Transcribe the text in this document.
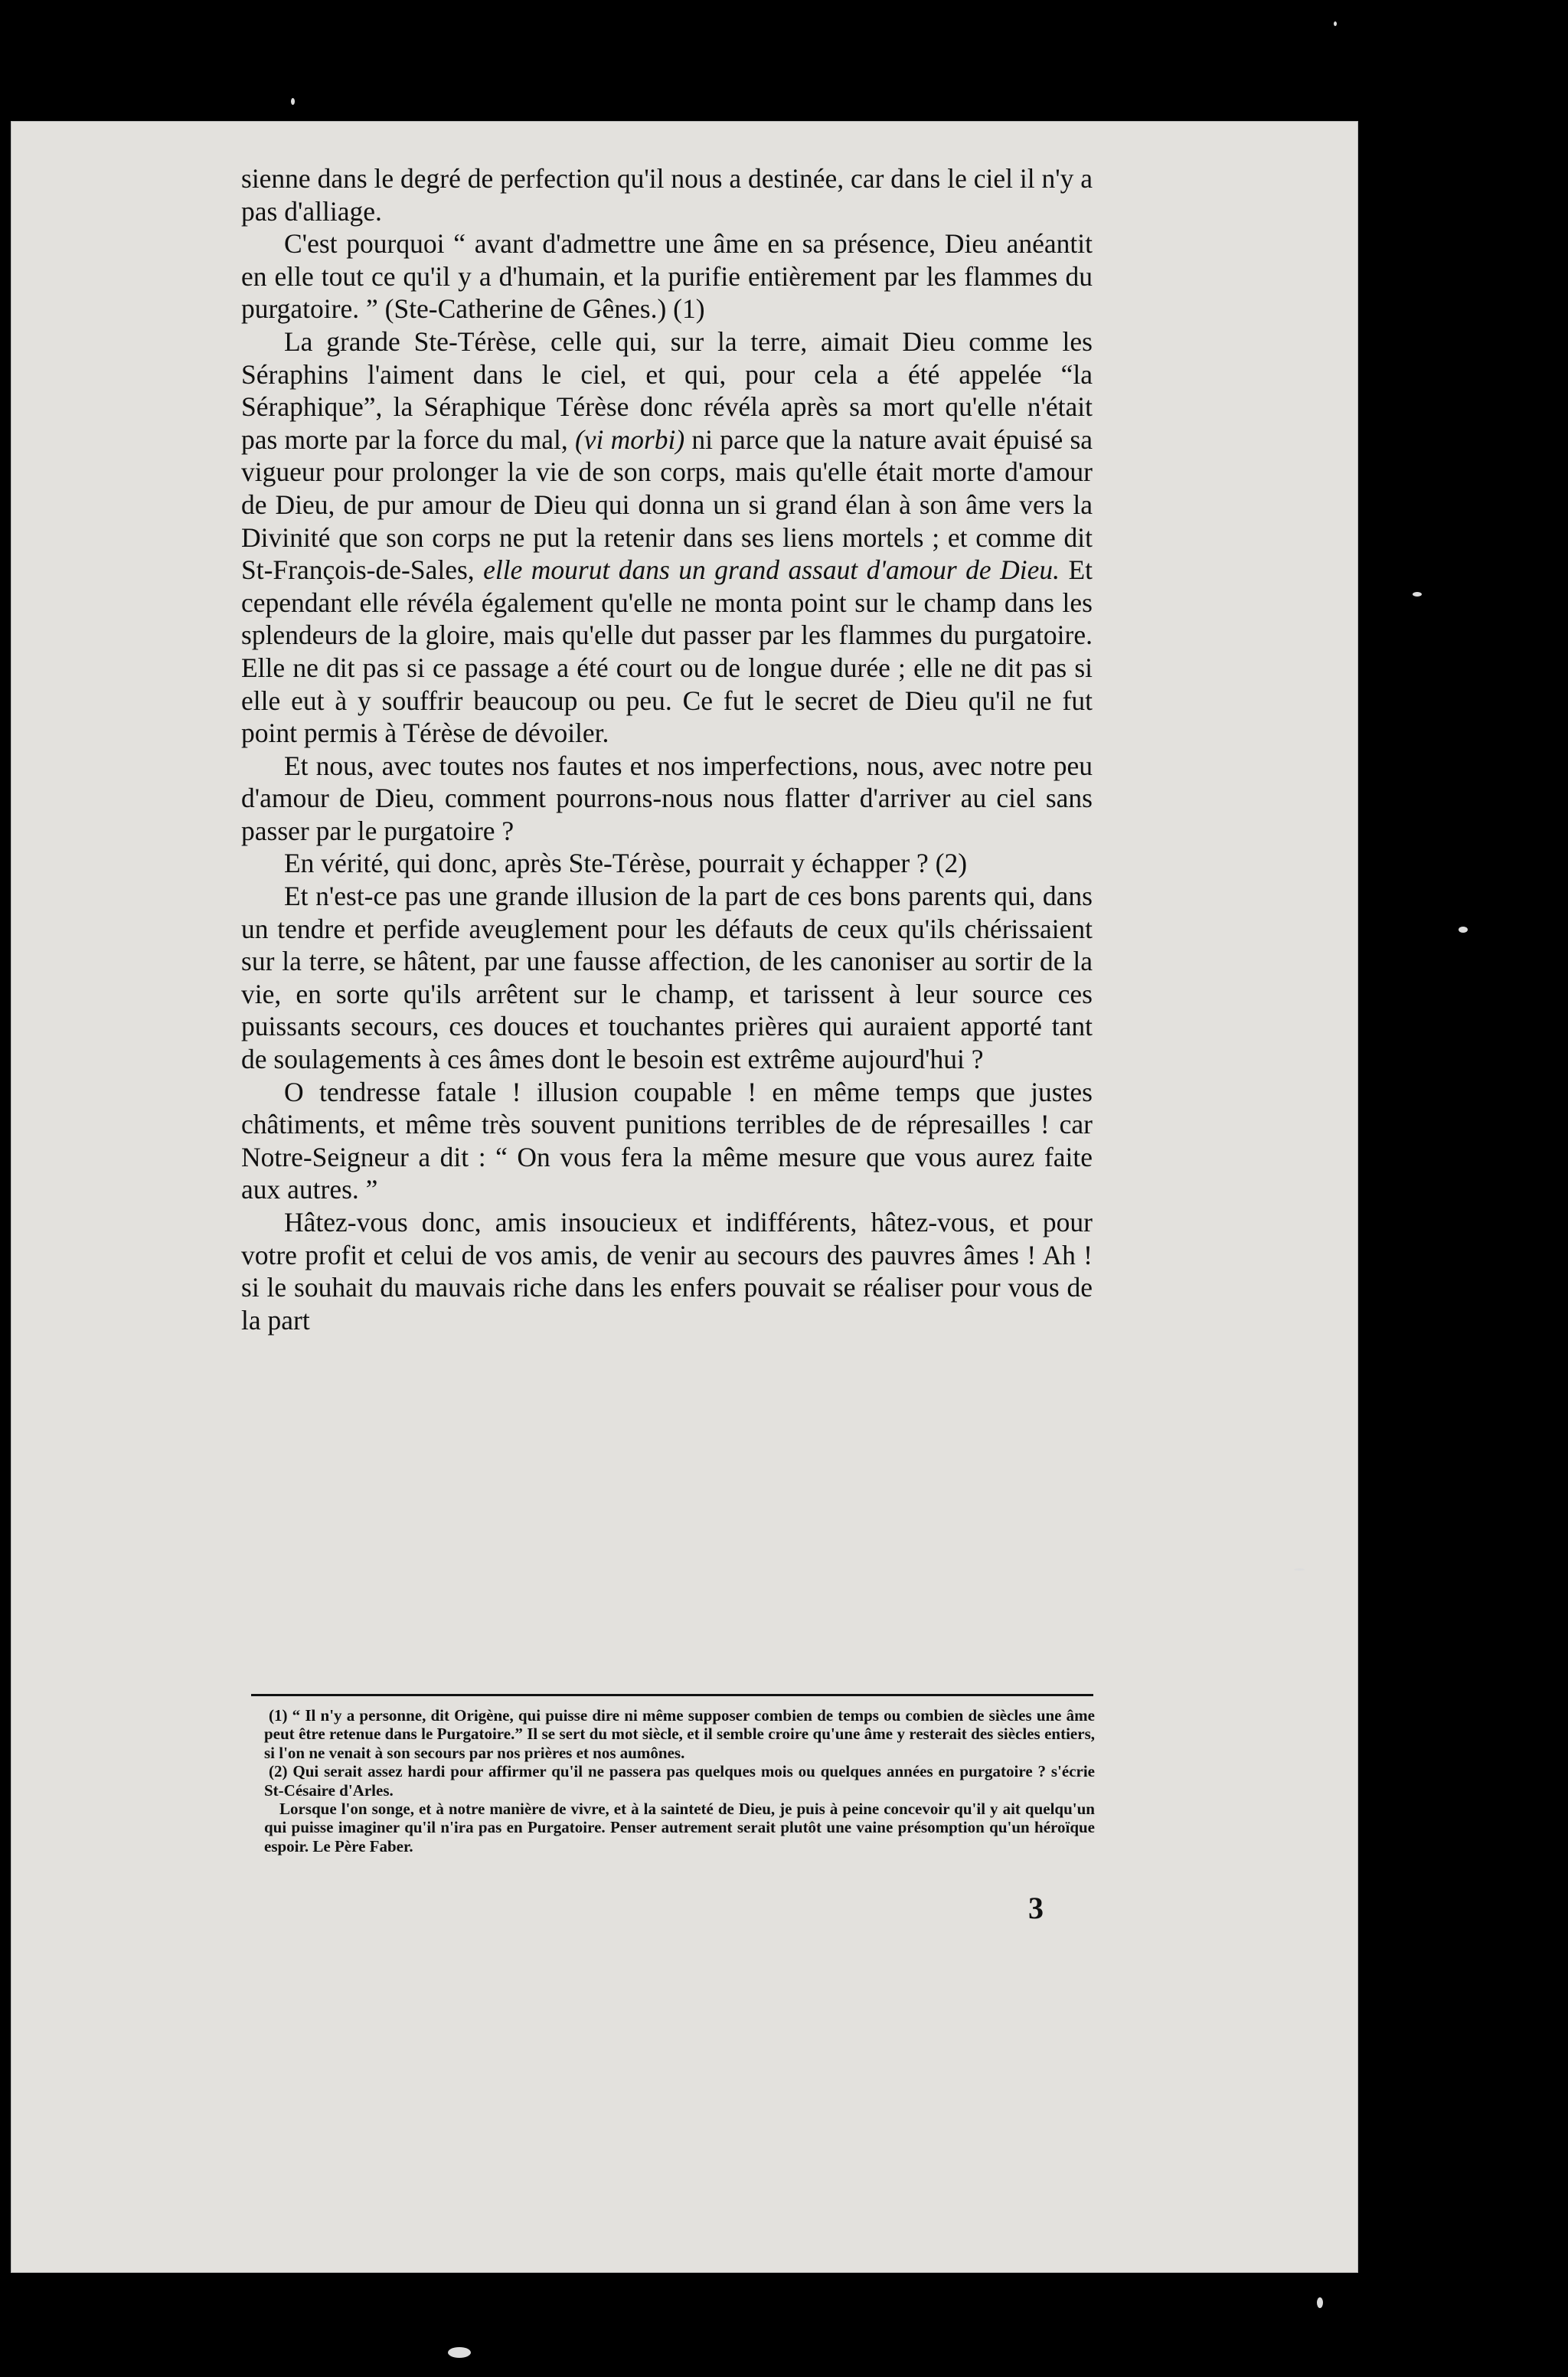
sienne dans le degré de perfection qu'il nous a destinée, car dans le ciel il n'y a pas d'alliage.

C'est pourquoi “ avant d'admettre une âme en sa présence, Dieu anéantit en elle tout ce qu'il y a d'humain, et la purifie entièrement par les flammes du purgatoire. ” (Ste-Catherine de Gênes.) (1)

La grande Ste-Térèse, celle qui, sur la terre, aimait Dieu comme les Séraphins l'aiment dans le ciel, et qui, pour cela a été appelée “la Séraphique”, la Séraphique Térèse donc révéla après sa mort qu'elle n'était pas morte par la force du mal, (vi morbi) ni parce que la nature avait épuisé sa vigueur pour prolonger la vie de son corps, mais qu'elle était morte d'amour de Dieu, de pur amour de Dieu qui donna un si grand élan à son âme vers la Divinité que son corps ne put la retenir dans ses liens mortels ; et comme dit St-François-de-Sales, elle mourut dans un grand assaut d'amour de Dieu. Et cependant elle révéla également qu'elle ne monta point sur le champ dans les splendeurs de la gloire, mais qu'elle dut passer par les flammes du purgatoire. Elle ne dit pas si ce passage a été court ou de longue durée ; elle ne dit pas si elle eut à y souffrir beaucoup ou peu. Ce fut le secret de Dieu qu'il ne fut point permis à Térèse de dévoiler.

Et nous, avec toutes nos fautes et nos imperfections, nous, avec notre peu d'amour de Dieu, comment pourrons-nous nous flatter d'arriver au ciel sans passer par le purgatoire ?

En vérité, qui donc, après Ste-Térèse, pourrait y échapper ? (2)

Et n'est-ce pas une grande illusion de la part de ces bons parents qui, dans un tendre et perfide aveuglement pour les défauts de ceux qu'ils chérissaient sur la terre, se hâtent, par une fausse affection, de les canoniser au sortir de la vie, en sorte qu'ils arrêtent sur le champ, et tarissent à leur source ces puissants secours, ces douces et touchantes prières qui auraient apporté tant de soulagements à ces âmes dont le besoin est extrême aujourd'hui ?

O tendresse fatale ! illusion coupable ! en même temps que justes châtiments, et même très souvent punitions terribles de de répresailles ! car Notre-Seigneur a dit : “ On vous fera la même mesure que vous aurez faite aux autres. ”

Hâtez-vous donc, amis insoucieux et indifférents, hâtez-vous, et pour votre profit et celui de vos amis, de venir au secours des pauvres âmes ! Ah ! si le souhait du mauvais riche dans les enfers pouvait se réaliser pour vous de la part

(1) “ Il n'y a personne, dit Origène, qui puisse dire ni même supposer combien de temps ou combien de siècles une âme peut être retenue dans le Purgatoire.” Il se sert du mot siècle, et il semble croire qu'une âme y resterait des siècles entiers, si l'on ne venait à son secours par nos prières et nos aumônes.

(2) Qui serait assez hardi pour affirmer qu'il ne passera pas quelques mois ou quelques années en purgatoire ? s'écrie St-Césaire d'Arles.

Lorsque l'on songe, et à notre manière de vivre, et à la sainteté de Dieu, je puis à peine concevoir qu'il y ait quelqu'un qui puisse imaginer qu'il n'ira pas en Purgatoire. Penser autrement serait plutôt une vaine présomption qu'un héroïque espoir. Le Père Faber.

3
